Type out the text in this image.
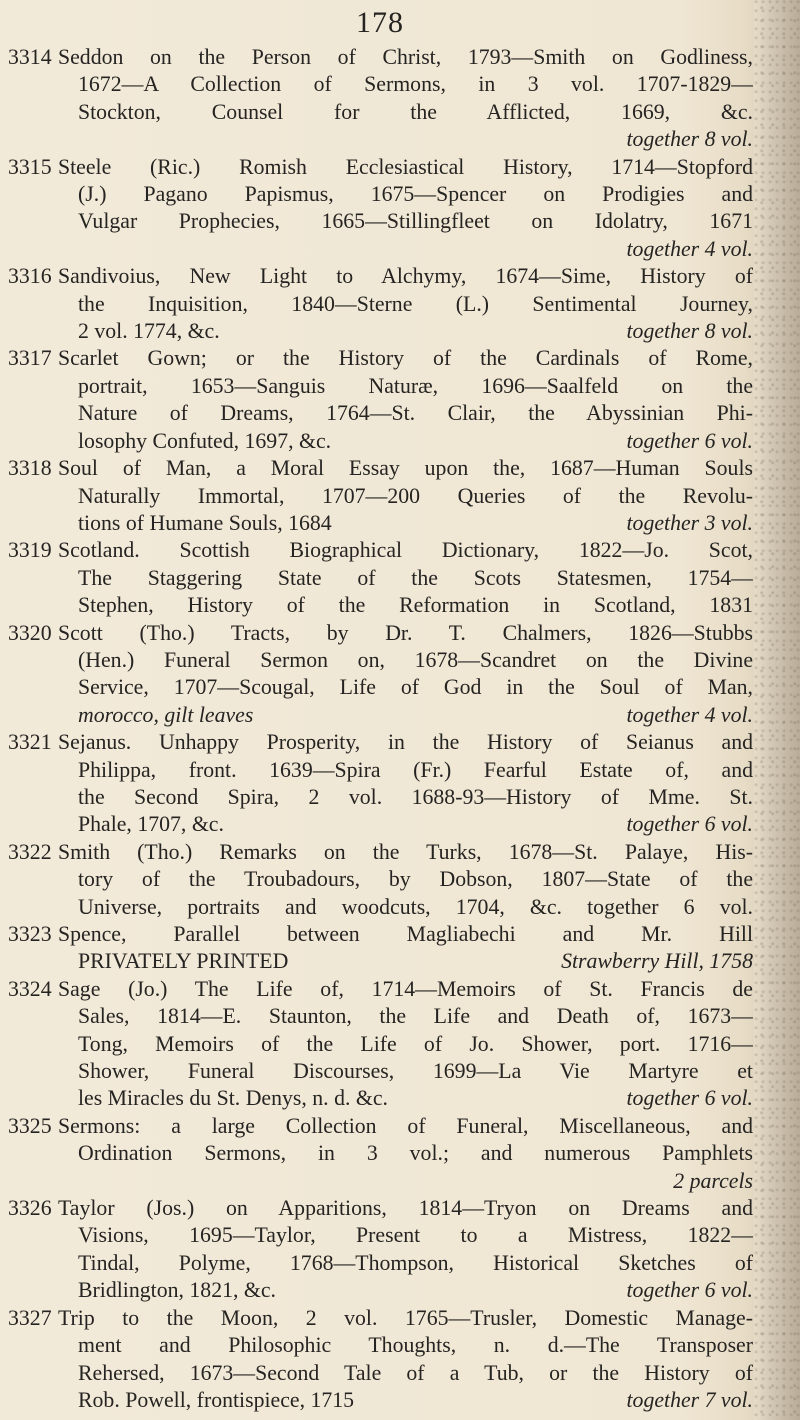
178
3314 Seddon on the Person of Christ, 1793—Smith on Godliness,
1672—A Collection of Sermons, in 3 vol. 1707-1829—
Stockton, Counsel for the Afflicted, 1669, &c.
together 8 vol.
3315 Steele (Ric.) Romish Ecclesiastical History, 1714—Stopford
(J.) Pagano Papismus, 1675—Spencer on Prodigies and
Vulgar Prophecies, 1665—Stillingfleet on Idolatry, 1671
together 4 vol.
3316 Sandivoius, New Light to Alchymy, 1674—Sime, History of
the Inquisition, 1840—Sterne (L.) Sentimental Journey,
2 vol. 1774, &c.	together 8 vol.
3317 Scarlet Gown; or the History of the Cardinals of Rome,
portrait, 1653—Sanguis Naturæ, 1696—Saalfeld on the
Nature of Dreams, 1764—St. Clair, the Abyssinian Phi-
losophy Confuted, 1697, &c.	together 6 vol.
3318 Soul of Man, a Moral Essay upon the, 1687—Human Souls
Naturally Immortal, 1707—200 Queries of the Revolu-
tions of Humane Souls, 1684	together 3 vol.
3319 Scotland. Scottish Biographical Dictionary, 1822—Jo. Scot,
The Staggering State of the Scots Statesmen, 1754—
Stephen, History of the Reformation in Scotland, 1831
3320 Scott (Tho.) Tracts, by Dr. T. Chalmers, 1826—Stubbs
(Hen.) Funeral Sermon on, 1678—Scandret on the Divine
Service, 1707—Scougal, Life of God in the Soul of Man,
morocco, gilt leaves	together 4 vol.
3321 Sejanus. Unhappy Prosperity, in the History of Seianus and
Philippa, front. 1639—Spira (Fr.) Fearful Estate of, and
the Second Spira, 2 vol. 1688-93—History of Mme. St.
Phale, 1707, &c.	together 6 vol.
3322 Smith (Tho.) Remarks on the Turks, 1678—St. Palaye, His-
tory of the Troubadours, by Dobson, 1807—State of the
Universe, portraits and woodcuts, 1704, &c. together 6 vol.
3323 Spence, Parallel between Magliabechi and Mr. Hill
PRIVATELY PRINTED	Strawberry Hill, 1758
3324 Sage (Jo.) The Life of, 1714—Memoirs of St. Francis de
Sales, 1814—E. Staunton, the Life and Death of, 1673—
Tong, Memoirs of the Life of Jo. Shower, port. 1716—
Shower, Funeral Discourses, 1699—La Vie Martyre et
les Miracles du St. Denys, n. d. &c.	together 6 vol.
3325 Sermons: a large Collection of Funeral, Miscellaneous, and
Ordination Sermons, in 3 vol.; and numerous Pamphlets
2 parcels
3326 Taylor (Jos.) on Apparitions, 1814—Tryon on Dreams and
Visions, 1695—Taylor, Present to a Mistress, 1822—
Tindal, Polyme, 1768—Thompson, Historical Sketches of
Bridlington, 1821, &c.	together 6 vol.
3327 Trip to the Moon, 2 vol. 1765—Trusler, Domestic Manage-
ment and Philosophic Thoughts, n. d.—The Transposer
Rehersed, 1673—Second Tale of a Tub, or the History of
Rob. Powell, frontispiece, 1715	together 7 vol.
